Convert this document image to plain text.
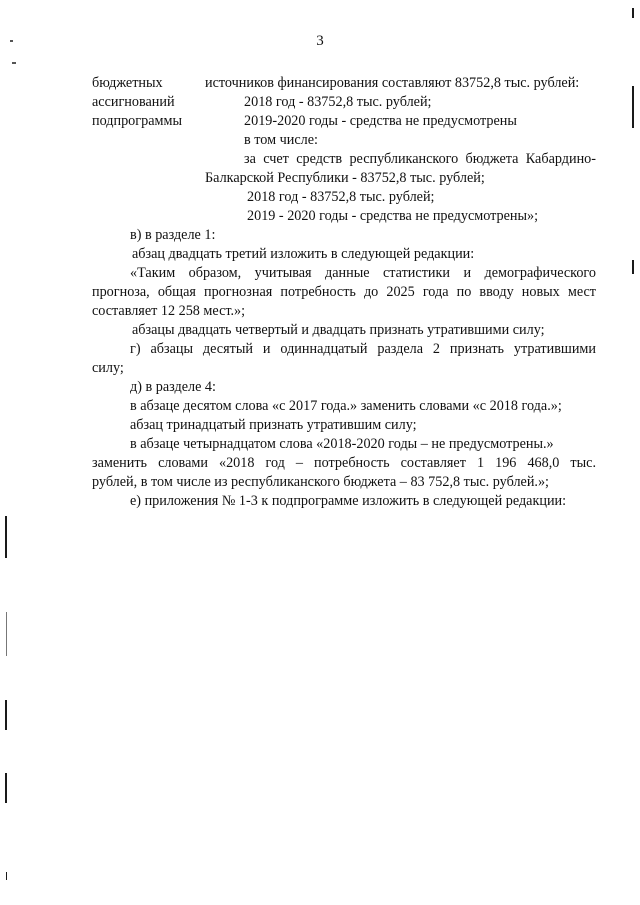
3
бюджетных
ассигнований
подпрограммы
источников финансирования составляют 83752,8 тыс. рублей:
2018 год - 83752,8 тыс. рублей;
2019-2020 годы - средства не предусмотрены
в том числе:
за счет средств республиканского бюджета Кабардино-
Балкарской Республики - 83752,8 тыс. рублей;
2018 год - 83752,8 тыс. рублей;
2019 - 2020 годы - средства не предусмотрены»;
в) в разделе 1:
абзац двадцать третий изложить в следующей редакции:
«Таким образом, учитывая данные статистики и демографического
прогноза, общая прогнозная потребность до 2025 года по вводу новых мест
составляет 12 258 мест.»;
абзацы двадцать четвертый и двадцать признать утратившими силу;
г) абзацы десятый и одиннадцатый раздела 2 признать утратившими
силу;
д) в разделе 4:
в абзаце десятом слова «с 2017 года.» заменить словами «с 2018 года.»;
абзац тринадцатый признать утратившим силу;
в абзаце четырнадцатом слова «2018-2020 годы – не предусмотрены.»
заменить словами «2018 год – потребность составляет 1 196 468,0 тыс.
рублей, в том числе из республиканского бюджета – 83 752,8 тыс. рублей.»;
е) приложения № 1-3 к подпрограмме изложить в следующей редакции:
